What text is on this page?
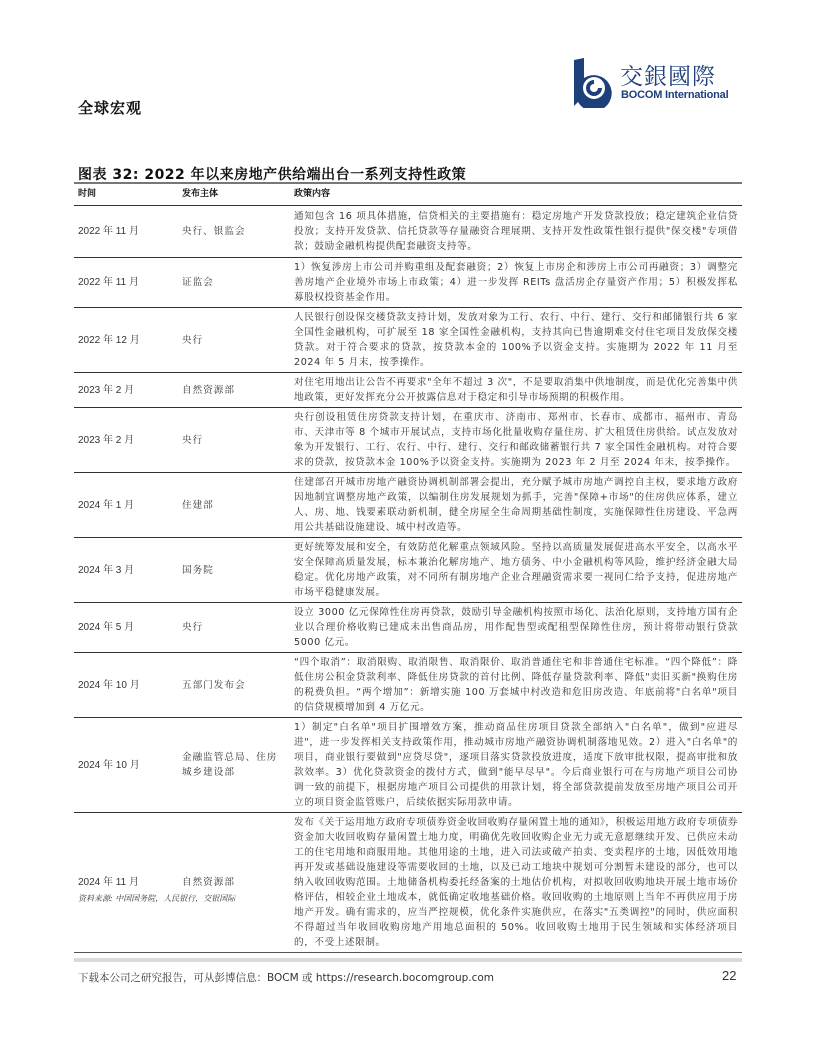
全球宏观
交銀國際
BOCOM International
图表 32: 2022 年以来房地产供给端出台一系列支持性政策
时间	发布主体	政策内容
2022 年 11 月	央行、银监会	通知包含 16 项具体措施，信贷相关的主要措施有：稳定房地产开发贷款投放；稳定建筑企业信贷投放；支持开发贷款、信托贷款等存量融资合理展期、支持开发性政策性银行提供"保交楼"专项借款；鼓励金融机构提供配套融资支持等。
2022 年 11 月	证监会	1）恢复涉房上市公司并购重组及配套融资；2）恢复上市房企和涉房上市公司再融资；3）调整完善房地产企业境外市场上市政策；4）进一步发挥 REITs 盘活房企存量资产作用；5）积极发挥私募股权投资基金作用。
2022 年 12 月	央行	人民银行创设保交楼贷款支持计划，发放对象为工行、农行、中行、建行、交行和邮储银行共 6 家全国性金融机构，可扩展至 18 家全国性金融机构，支持其向已售逾期难交付住宅项目发放保交楼贷款。对于符合要求的贷款，按贷款本金的 100%予以资金支持。实施期为 2022 年 11 月至 2024 年 5 月末，按季操作。
2023 年 2 月	自然资源部	对住宅用地出让公告不再要求"全年不超过 3 次"，不是要取消集中供地制度，而是优化完善集中供地政策，更好发挥充分公开披露信息对于稳定和引导市场预期的积极作用。
2023 年 2 月	央行	央行创设租赁住房贷款支持计划，在重庆市、济南市、郑州市、长春市、成都市、福州市、青岛市、天津市等 8 个城市开展试点，支持市场化批量收购存量住房、扩大租赁住房供给。试点发放对象为开发银行、工行、农行、中行、建行、交行和邮政储蓄银行共 7 家全国性金融机构。对符合要求的贷款，按贷款本金 100%予以资金支持。实施期为 2023 年 2 月至 2024 年末，按季操作。
2024 年 1 月	住建部	住建部召开城市房地产融资协调机制部署会提出，充分赋予城市房地产调控自主权，要求地方政府因地制宜调整房地产政策，以编制住房发展规划为抓手，完善"保障+市场"的住房供应体系，建立人、房、地、钱要素联动新机制，健全房屋全生命周期基础性制度，实施保障性住房建设、平急两用公共基础设施建设、城中村改造等。
2024 年 3 月	国务院	更好统筹发展和安全，有效防范化解重点领域风险。坚持以高质量发展促进高水平安全，以高水平安全保障高质量发展，标本兼治化解房地产、地方债务、中小金融机构等风险，维护经济金融大局稳定。优化房地产政策，对不同所有制房地产企业合理融资需求要一视同仁给予支持，促进房地产市场平稳健康发展。
2024 年 5 月	央行	设立 3000 亿元保障性住房再贷款，鼓励引导金融机构按照市场化、法治化原则，支持地方国有企业以合理价格收购已建成未出售商品房，用作配售型或配租型保障性住房，预计将带动银行贷款 5000 亿元。
2024 年 10 月	五部门发布会	“四个取消”：取消限购、取消限售、取消限价、取消普通住宅和非普通住宅标准。“四个降低”：降低住房公积金贷款利率、降低住房贷款的首付比例、降低存量贷款利率、降低"卖旧买新"换购住房的税费负担。“两个增加”：新增实施 100 万套城中村改造和危旧房改造、年底前将"白名单"项目的信贷规模增加到 4 万亿元。
2024 年 10 月	金融监管总局、住房城乡建设部	1）制定"白名单"项目扩围增效方案，推动商品住房项目贷款全部纳入"白名单"，做到"应进尽进"，进一步发挥相关支持政策作用，推动城市房地产融资协调机制落地见效。2）进入"白名单"的项目，商业银行要做到"应贷尽贷"，逐项目落实贷款投放进度，适度下放审批权限，提高审批和放款效率。3）优化贷款资金的拨付方式，做到"能早尽早"。今后商业银行可在与房地产项目公司协调一致的前提下，根据房地产项目公司提供的用款计划，将全部贷款提前发放至房地产项目公司开立的项目资金监管账户，后续依据实际用款申请。
2024 年 11 月	自然资源部	发布《关于运用地方政府专项债券资金收回收购存量闲置土地的通知》，积极运用地方政府专项债券资金加大收回收购存量闲置土地力度，明确优先收回收购企业无力或无意愿继续开发、已供应未动工的住宅用地和商服用地。其他用途的土地，进入司法或破产拍卖、变卖程序的土地，因低效用地再开发或基础设施建设等需要收回的土地，以及已动工地块中规划可分割暂未建设的部分，也可以纳入收回收购范围。土地储备机构委托经备案的土地估价机构，对拟收回收购地块开展土地市场价格评估，相较企业土地成本，就低确定收地基础价格。收回收购的土地原则上当年不再供应用于房地产开发。确有需求的，应当严控规模，优化条件实施供应，在落实"五类调控"的同时，供应面积不得超过当年收回收购房地产用地总面积的 50%。收回收购土地用于民生领域和实体经济项目的，不受上述限制。
资料来源: 中国国务院，人民银行，交银国际
下载本公司之研究报告，可从彭博信息：BOCM 或 https://research.bocomgroup.com	22
